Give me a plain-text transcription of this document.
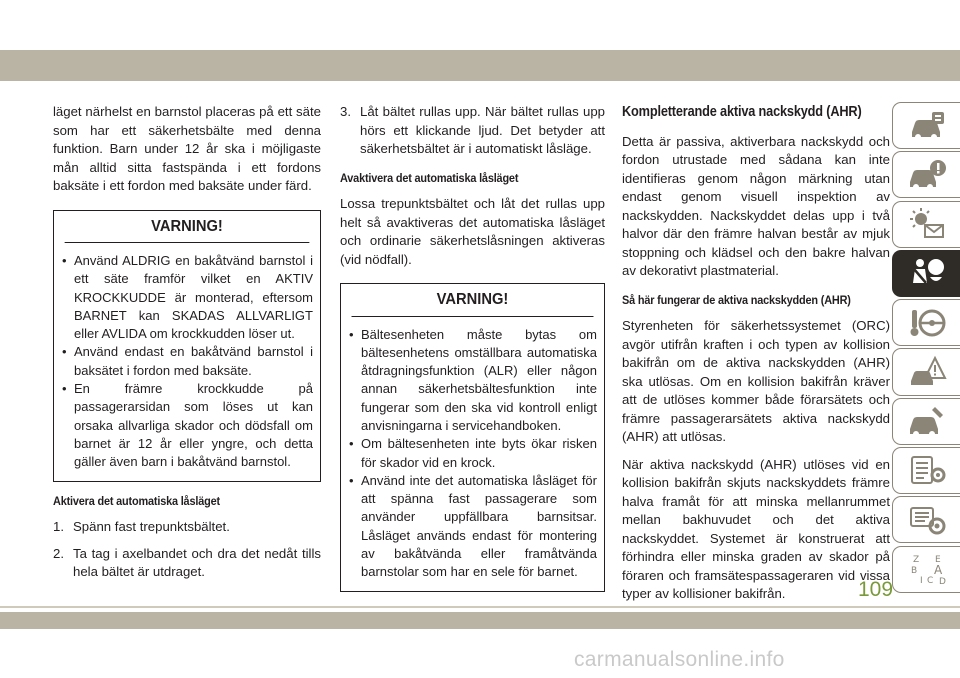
läget närhelst en barnstol placeras på ett säte som har ett säkerhetsbälte med denna funktion. Barn under 12 år ska i möjligaste mån alltid sitta fastspända i ett fordons baksäte i ett fordon med baksäte under färd.

VARNING!
• Använd ALDRIG en bakåtvänd barnstol i ett säte framför vilket en AKTIV KROCKKUDDE är monterad, eftersom BARNET kan SKADAS ALLVARLIGT eller AVLIDA om krockkudden löser ut.
• Använd endast en bakåtvänd barnstol i baksätet i fordon med baksäte.
• En främre krockkudde på passagerarsidan som löses ut kan orsaka allvarliga skador och dödsfall om barnet är 12 år eller yngre, och detta gäller även barn i bakåtvänd barnstol.
Aktivera det automatiska låsläget
1. Spänn fast trepunktsbältet.
2. Ta tag i axelbandet och dra det nedåt tills hela bältet är utdraget.
3. Låt bältet rullas upp. När bältet rullas upp hörs ett klickande ljud. Det betyder att säkerhetsbältet är i automatiskt låsläge.
Avaktivera det automatiska låsläget

Lossa trepunktsbältet och låt det rullas upp helt så avaktiveras det automatiska låsläget och ordinarie säkerhetslåsningen aktiveras (vid nödfall).

VARNING!
• Bältesenheten måste bytas om bältesenhetens omställbara automatiska åtdragningsfunktion (ALR) eller någon annan säkerhetsbältesfunktion inte fungerar som den ska vid kontroll enligt anvisningarna i servicehandboken.
• Om bältesenheten inte byts ökar risken för skador vid en krock.
• Använd inte det automatiska låsläget för att spänna fast passagerare som använder uppfällbara barnsitsar. Låsläget används endast för montering av bakåtvända eller framåtvända barnstolar som har en sele för barnet.
Kompletterande aktiva nackskydd (AHR)

Detta är passiva, aktiverbara nackskydd och fordon utrustade med sådana kan inte identifieras genom någon märkning utan endast genom visuell inspektion av nackskydden. Nackskyddet delas upp i två halvor där den främre halvan består av mjuk stoppning och klädsel och den bakre halvan av dekorativt plastmaterial.

Så här fungerar de aktiva nackskydden (AHR)

Styrenheten för säkerhetssystemet (ORC) avgör utifrån kraften i och typen av kollision bakifrån om de aktiva nackskydden (AHR) ska utlösas. Om en kollision bakifrån kräver att de utlöses kommer både förarsätets och främre passagerarsätets aktiva nackskydd (AHR) att utlösas.

När aktiva nackskydd (AHR) utlöses vid en kollision bakifrån skjuts nackskyddets främre halva framåt för att minska mellanrummet mellan bakhuvudet och det aktiva nackskyddet. Systemet är konstruerat att förhindra eller minska graden av skador på föraren och framsätespassageraren vid vissa typer av kollisioner bakifrån.

Z E
B A
I C D
109
carmanualsonline.info
